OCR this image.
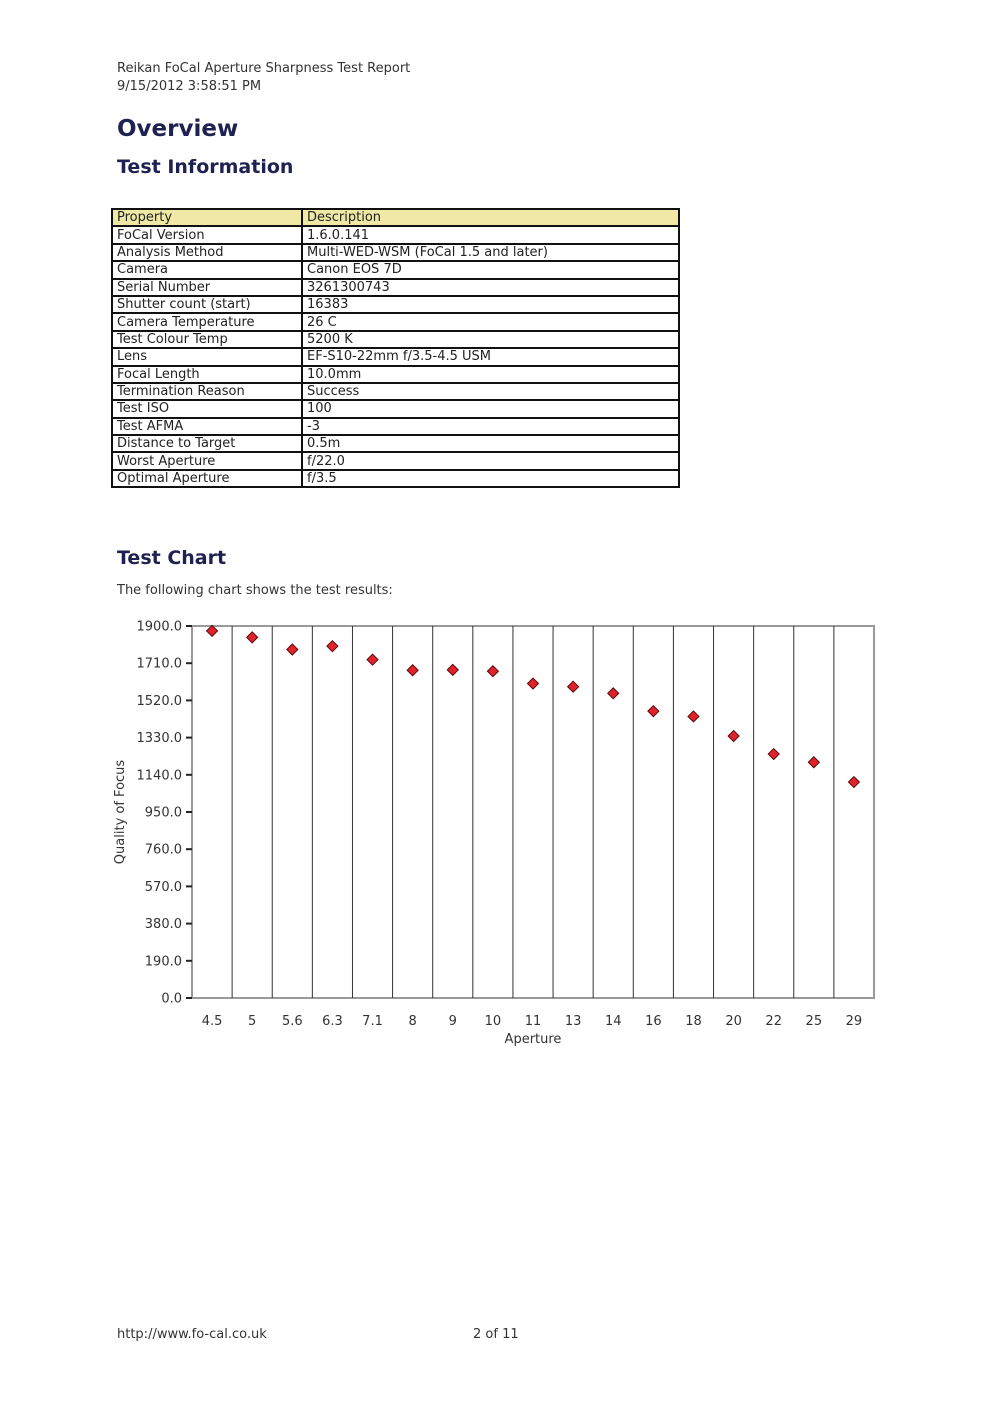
Reikan FoCal Aperture Sharpness Test Report
9/15/2012 3:58:51 PM
Overview
Test Information
Property	Description
FoCal Version	1.6.0.141
Analysis Method	Multi-WED-WSM (FoCal 1.5 and later)
Camera	Canon EOS 7D
Serial Number	3261300743
Shutter count (start)	16383
Camera Temperature	26 C
Test Colour Temp	5200 K
Lens	EF-S10-22mm f/3.5-4.5 USM
Focal Length	10.0mm
Termination Reason	Success
Test ISO	100
Test AFMA	-3
Distance to Target	0.5m
Worst Aperture	f/22.0
Optimal Aperture	f/3.5
Test Chart
The following chart shows the test results:
0.0
190.0
380.0
570.0
760.0
950.0
1140.0
1330.0
1520.0
1710.0
1900.0
4.5 5 5.6 6.3 7.1 8 9 10 11 13 14 16 18 20 22 25 29
Aperture
Quality of Focus
http://www.fo-cal.co.uk	2 of 11
